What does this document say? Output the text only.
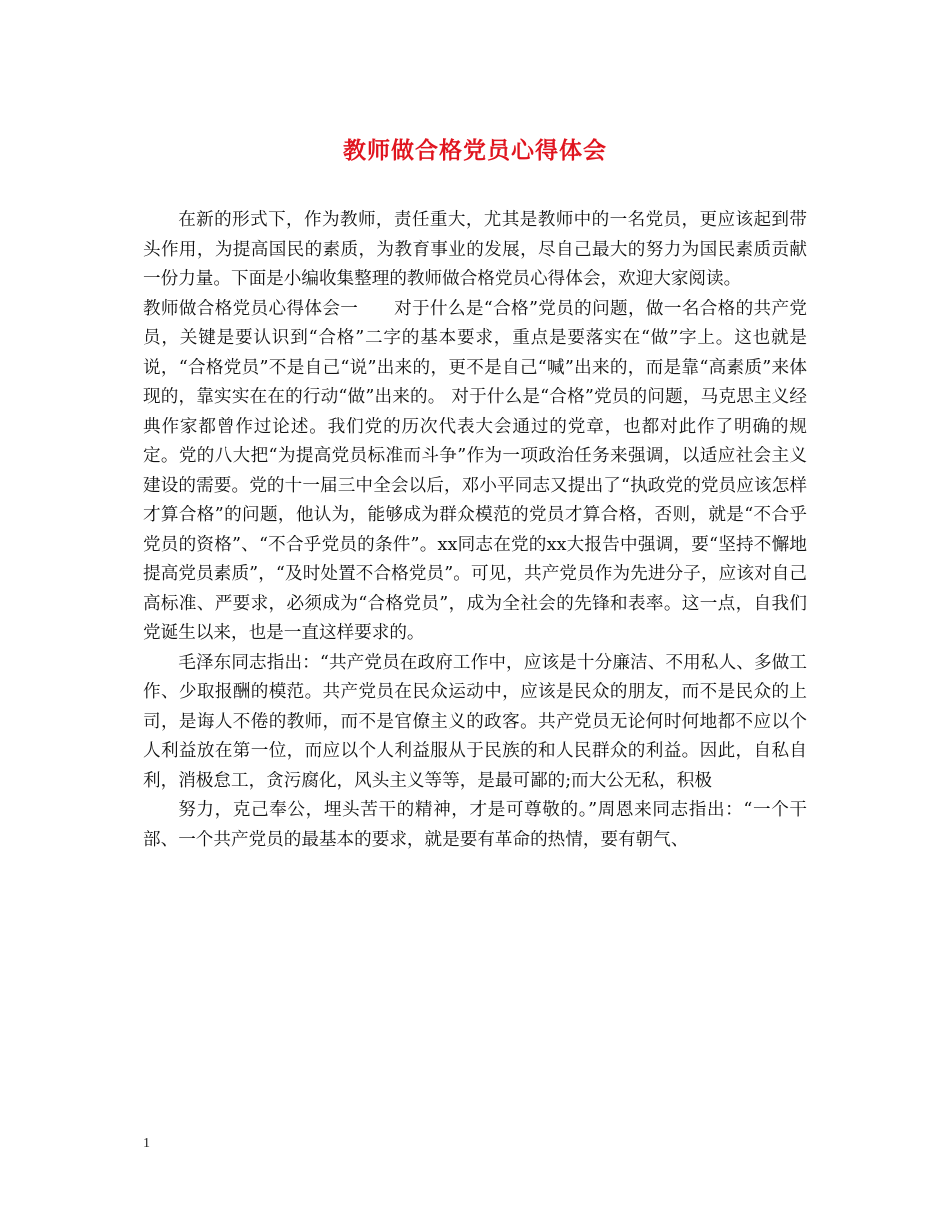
教师做合格党员心得体会

在新的形式下，作为教师，责任重大，尤其是教师中的一名党员，更应该起到带头作用，为提高国民的素质，为教育事业的发展，尽自己最大的努力为国民素质贡献一份力量。下面是小编收集整理的教师做合格党员心得体会，欢迎大家阅读。

教师做合格党员心得体会一　　对于什么是“合格”党员的问题，做一名合格的共产党员，关键是要认识到“合格”二字的基本要求，重点是要落实在“做”字上。这也就是说，“合格党员”不是自己“说”出来的，更不是自己“喊”出来的，而是靠“高素质”来体现的，靠实实在在的行动“做”出来的。 对于什么是“合格”党员的问题，马克思主义经典作家都曾作过论述。我们党的历次代表大会通过的党章，也都对此作了明确的规定。党的八大把“为提高党员标准而斗争”作为一项政治任务来强调，以适应社会主义建设的需要。党的十一届三中全会以后，邓小平同志又提出了“执政党的党员应该怎样才算合格”的问题，他认为，能够成为群众模范的党员才算合格，否则，就是“不合乎党员的资格”、“不合乎党员的条件”。xx同志在党的xx大报告中强调，要“坚持不懈地提高党员素质”，“及时处置不合格党员”。可见，共产党员作为先进分子，应该对自己高标准、严要求，必须成为“合格党员”，成为全社会的先锋和表率。这一点，自我们党诞生以来，也是一直这样要求的。

毛泽东同志指出：“共产党员在政府工作中，应该是十分廉洁、不用私人、多做工作、少取报酬的模范。共产党员在民众运动中，应该是民众的朋友，而不是民众的上司，是诲人不倦的教师，而不是官僚主义的政客。共产党员无论何时何地都不应以个人利益放在第一位，而应以个人利益服从于民族的和人民群众的利益。因此，自私自利，消极怠工，贪污腐化，风头主义等等，是最可鄙的;而大公无私，积极

努力，克己奉公，埋头苦干的精神，才是可尊敬的。”周恩来同志指出：“一个干部、一个共产党员的最基本的要求，就是要有革命的热情，要有朝气、

1
